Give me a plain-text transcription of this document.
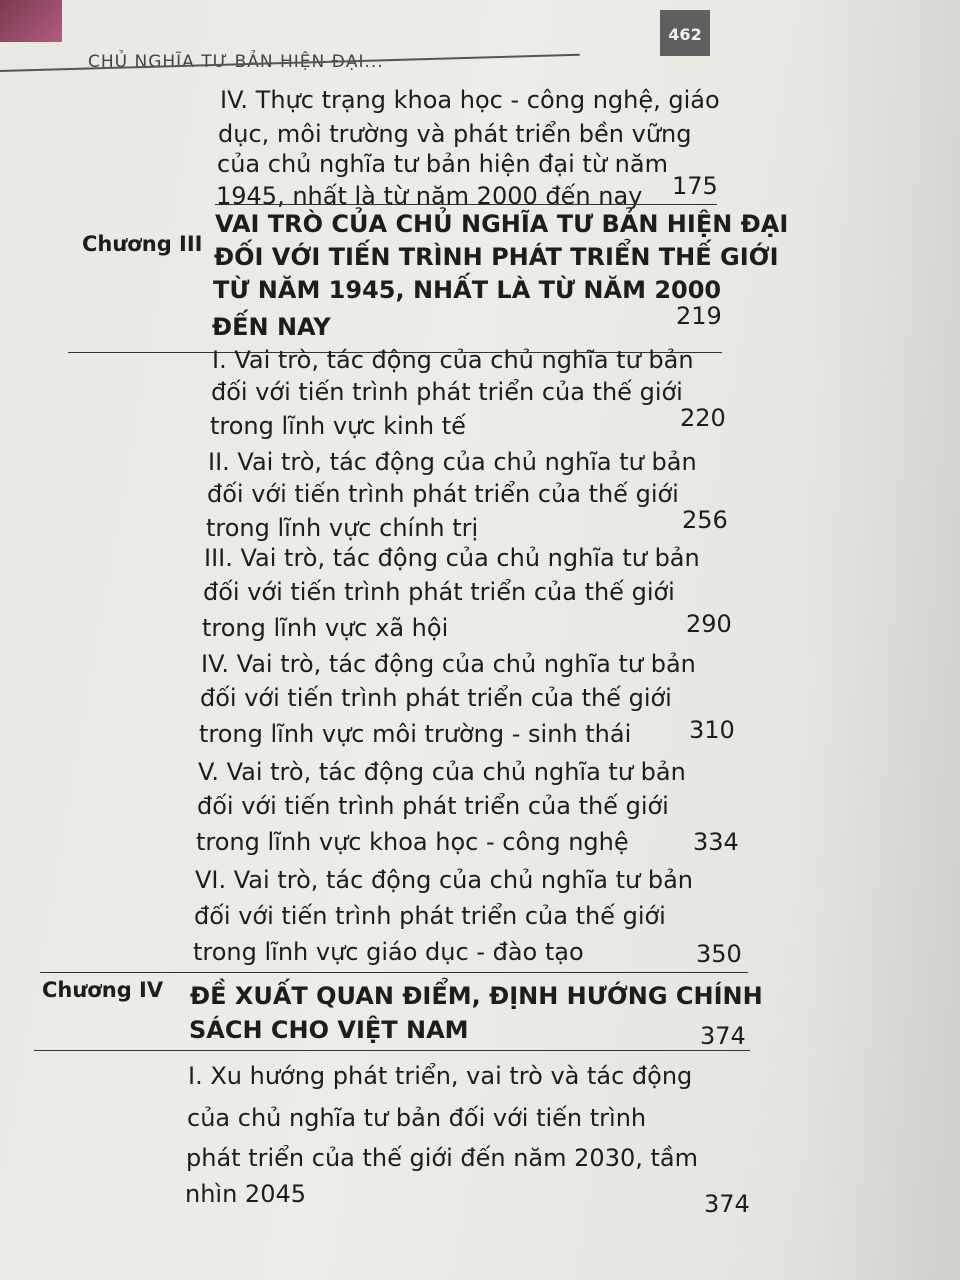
CHỦ NGHĨA TƯ BẢN HIỆN ĐẠI...
462
IV. Thực trạng khoa học - công nghệ, giáo
dục, môi trường và phát triển bền vững
của chủ nghĩa tư bản hiện đại từ năm
1945, nhất là từ năm 2000 đến nay 175
Chương III
VAI TRÒ CỦA CHỦ NGHĨA TƯ BẢN HIỆN ĐẠI
ĐỐI VỚI TIẾN TRÌNH PHÁT TRIỂN THẾ GIỚI
TỪ NĂM 1945, NHẤT LÀ TỪ NĂM 2000
ĐẾN NAY	219
I. Vai trò, tác động của chủ nghĩa tư bản
đối với tiến trình phát triển của thế giới
trong lĩnh vực kinh tế	220
II. Vai trò, tác động của chủ nghĩa tư bản
đối với tiến trình phát triển của thế giới
trong lĩnh vực chính trị	256
III. Vai trò, tác động của chủ nghĩa tư bản
đối với tiến trình phát triển của thế giới
trong lĩnh vực xã hội	290
IV. Vai trò, tác động của chủ nghĩa tư bản
đối với tiến trình phát triển của thế giới
trong lĩnh vực môi trường - sinh thái 310
V. Vai trò, tác động của chủ nghĩa tư bản
đối với tiến trình phát triển của thế giới
trong lĩnh vực khoa học - công nghệ	334
VI. Vai trò, tác động của chủ nghĩa tư bản
đối với tiến trình phát triển của thế giới
trong lĩnh vực giáo dục - đào tạo	350
Chương IV ĐỀ XUẤT QUAN ĐIỂM, ĐỊNH HƯỚNG CHÍNH
SÁCH CHO VIỆT NAM	374
I. Xu hướng phát triển, vai trò và tác động
của chủ nghĩa tư bản đối với tiến trình
phát triển của thế giới đến năm 2030, tầm
nhìn 2045	374
